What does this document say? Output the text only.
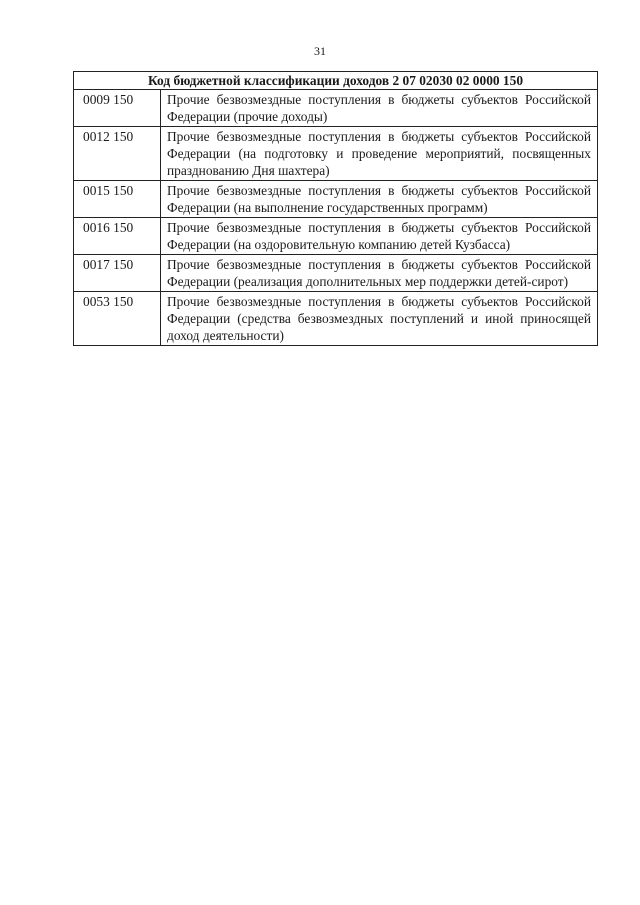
31
Код бюджетной классификации доходов 2 07 02030 02 0000 150	
0009 150	Прочие безвозмездные поступления в бюджеты субъектов Российской Федерации (прочие доходы)
0012 150	Прочие безвозмездные поступления в бюджеты субъектов Российской Федерации (на подготовку и проведение мероприятий, посвященных празднованию Дня шахтера)
0015 150	Прочие безвозмездные поступления в бюджеты субъектов Российской Федерации (на выполнение государственных программ)
0016 150	Прочие безвозмездные поступления в бюджеты субъектов Российской Федерации (на оздоровительную компанию детей Кузбасса)
0017 150	Прочие безвозмездные поступления в бюджеты субъектов Российской Федерации (реализация дополнительных мер поддержки детей-сирот)
0053 150	Прочие безвозмездные поступления в бюджеты субъектов Российской Федерации (средства безвозмездных поступлений и иной приносящей доход деятельности)
